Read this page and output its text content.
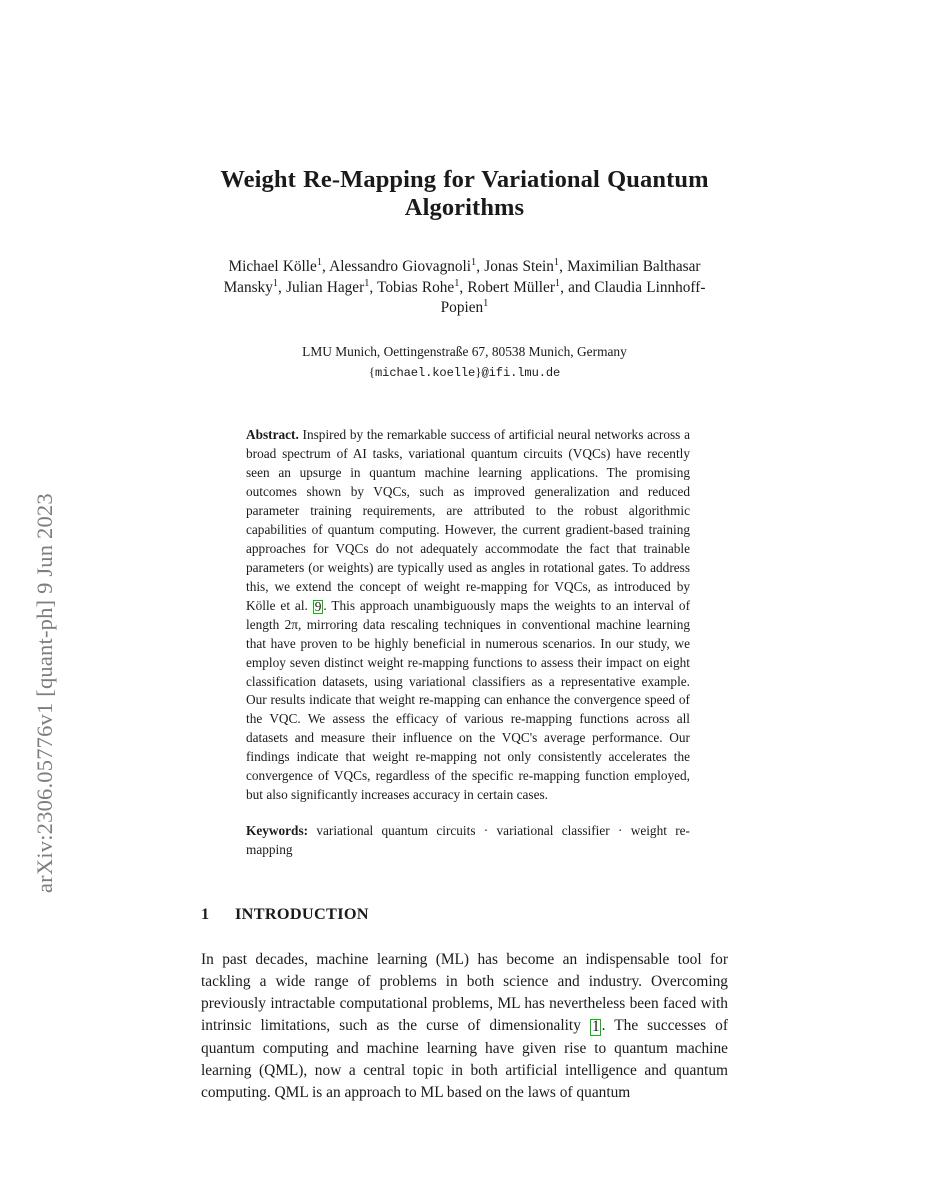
arXiv:2306.05776v1 [quant-ph] 9 Jun 2023
Weight Re-Mapping for Variational Quantum Algorithms
Michael Kölle$^1$, Alessandro Giovagnoli$^1$, Jonas Stein$^1$, Maximilian Balthasar Mansky$^1$, Julian Hager$^1$, Tobias Rohe$^1$, Robert Müller$^1$, and Claudia Linnhoff-Popien$^1$
LMU Munich, Oettingenstraße 67, 80538 Munich, Germany
{michael.koelle}@ifi.lmu.de
Abstract. Inspired by the remarkable success of artificial neural networks across a broad spectrum of AI tasks, variational quantum circuits (VQCs) have recently seen an upsurge in quantum machine learning applications. The promising outcomes shown by VQCs, such as improved generalization and reduced parameter training requirements, are attributed to the robust algorithmic capabilities of quantum computing. However, the current gradient-based training approaches for VQCs do not adequately accommodate the fact that trainable parameters (or weights) are typically used as angles in rotational gates. To address this, we extend the concept of weight re-mapping for VQCs, as introduced by Kölle et al. 9 . This approach unambiguously maps the weights to an interval of length 2π, mirroring data rescaling techniques in conventional machine learning that have proven to be highly beneficial in numerous scenarios. In our study, we employ seven distinct weight re-mapping functions to assess their impact on eight classification datasets, using variational classifiers as a representative example. Our results indicate that weight re-mapping can enhance the convergence speed of the VQC. We assess the efficacy of various re-mapping functions across all datasets and measure their influence on the VQC's average performance. Our findings indicate that weight re-mapping not only consistently accelerates the convergence of VQCs, regardless of the specific re-mapping function employed, but also significantly increases accuracy in certain cases.
Keywords: variational quantum circuits · variational classifier · weight re-mapping
1 INTRODUCTION

In past decades, machine learning (ML) has become an indispensable tool for tackling a wide range of problems in both science and industry. Overcoming previously intractable computational problems, ML has nevertheless been faced with intrinsic limitations, such as the curse of dimensionality 1 . The successes of quantum computing and machine learning have given rise to quantum machine learning (QML), now a central topic in both artificial intelligence and quantum computing. QML is an approach to ML based on the laws of quantum
